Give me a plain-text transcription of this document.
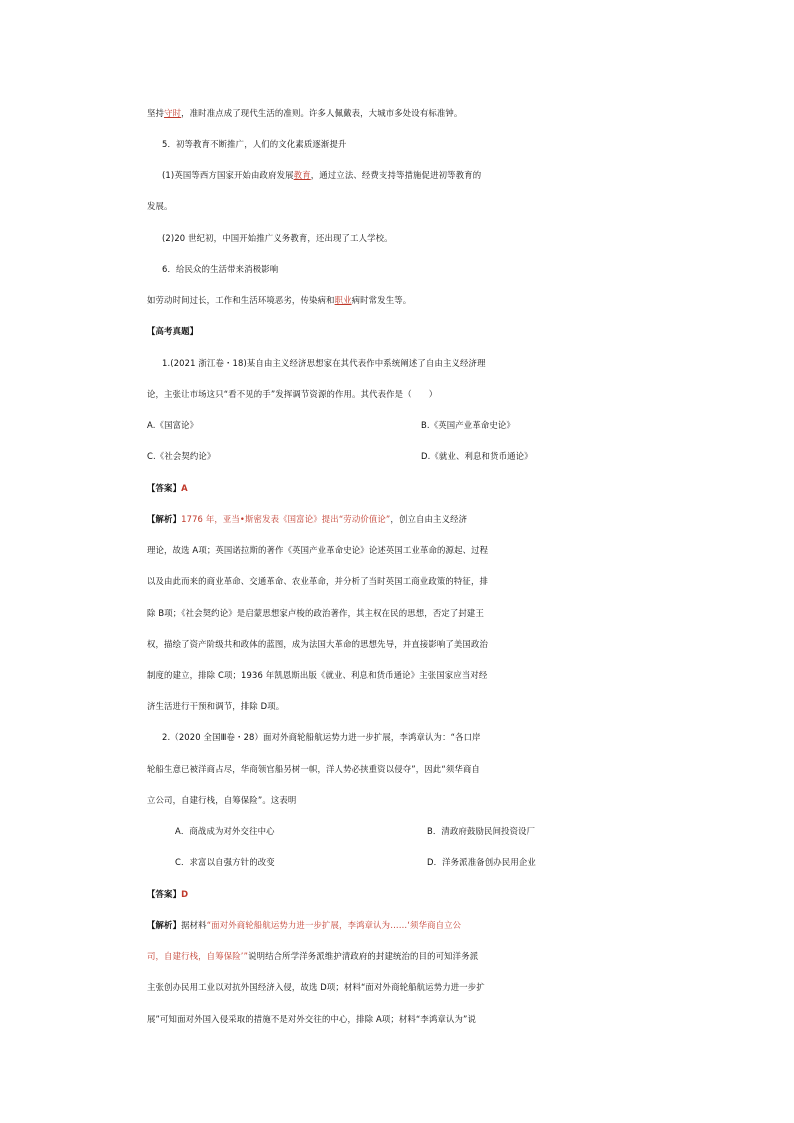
坚持守时，准时准点成了现代生活的准则。许多人佩戴表，大城市多处设有标准钟。
5．初等教育不断推广，人们的文化素质逐渐提升
(1)英国等西方国家开始由政府发展教育，通过立法、经费支持等措施促进初等教育的
发展。
(2)20 世纪初，中国开始推广义务教育，还出现了工人学校。
6．给民众的生活带来消极影响
如劳动时间过长，工作和生活环境恶劣，传染病和职业病时常发生等。
【高考真题】
1.(2021 浙江卷・18)某自由主义经济思想家在其代表作中系统阐述了自由主义经济理
论，主张让市场这只“看不见的手”发挥调节资源的作用。其代表作是（　　）
A.《国富论》	B.《英国产业革命史论》
C.《社会契约论》	D.《就业、利息和货币通论》
【答案】A
【解析】1776 年，亚当•斯密发表《国富论》提出“劳动价值论”，创立自由主义经济
理论，故选 A项；英国诺拉斯的著作《英国产业革命史论》论述英国工业革命的源起、过程
以及由此而来的商业革命、交通革命、农业革命，并分析了当时英国工商业政策的特征，排
除 B项；《社会契约论》是启蒙思想家卢梭的政治著作，其主权在民的思想，否定了封建王
权，描绘了资产阶级共和政体的蓝图，成为法国大革命的思想先导，并直接影响了美国政治
制度的建立，排除 C项；1936 年凯恩斯出版《就业、利息和货币通论》主张国家应当对经
济生活进行干预和调节，排除 D项。
2.（2020 全国Ⅲ卷・28）面对外商轮船航运势力进一步扩展，李鸿章认为：“各口岸
轮船生意已被洋商占尽，华商领官船另树一帜，洋人势必挟重资以侵夺”，因此“须华商自
立公司，自建行栈，自筹保险”。这表明
A．商战成为对外交往中心	B．清政府鼓励民间投资设厂
C．求富以自强方针的改变	D．洋务派准备创办民用企业
【答案】D
【解析】据材料“面对外商轮船航运势力进一步扩展，李鸿章认为……‘须华商自立公
司，自建行栈，自筹保险’”说明结合所学洋务派维护清政府的封建统治的目的可知洋务派
主张创办民用工业以对抗外国经济入侵，故选 D项；材料“面对外商轮船航运势力进一步扩
展”可知面对外国入侵采取的措施不是对外交往的中心，排除 A项；材料“李鸿章认为”说
